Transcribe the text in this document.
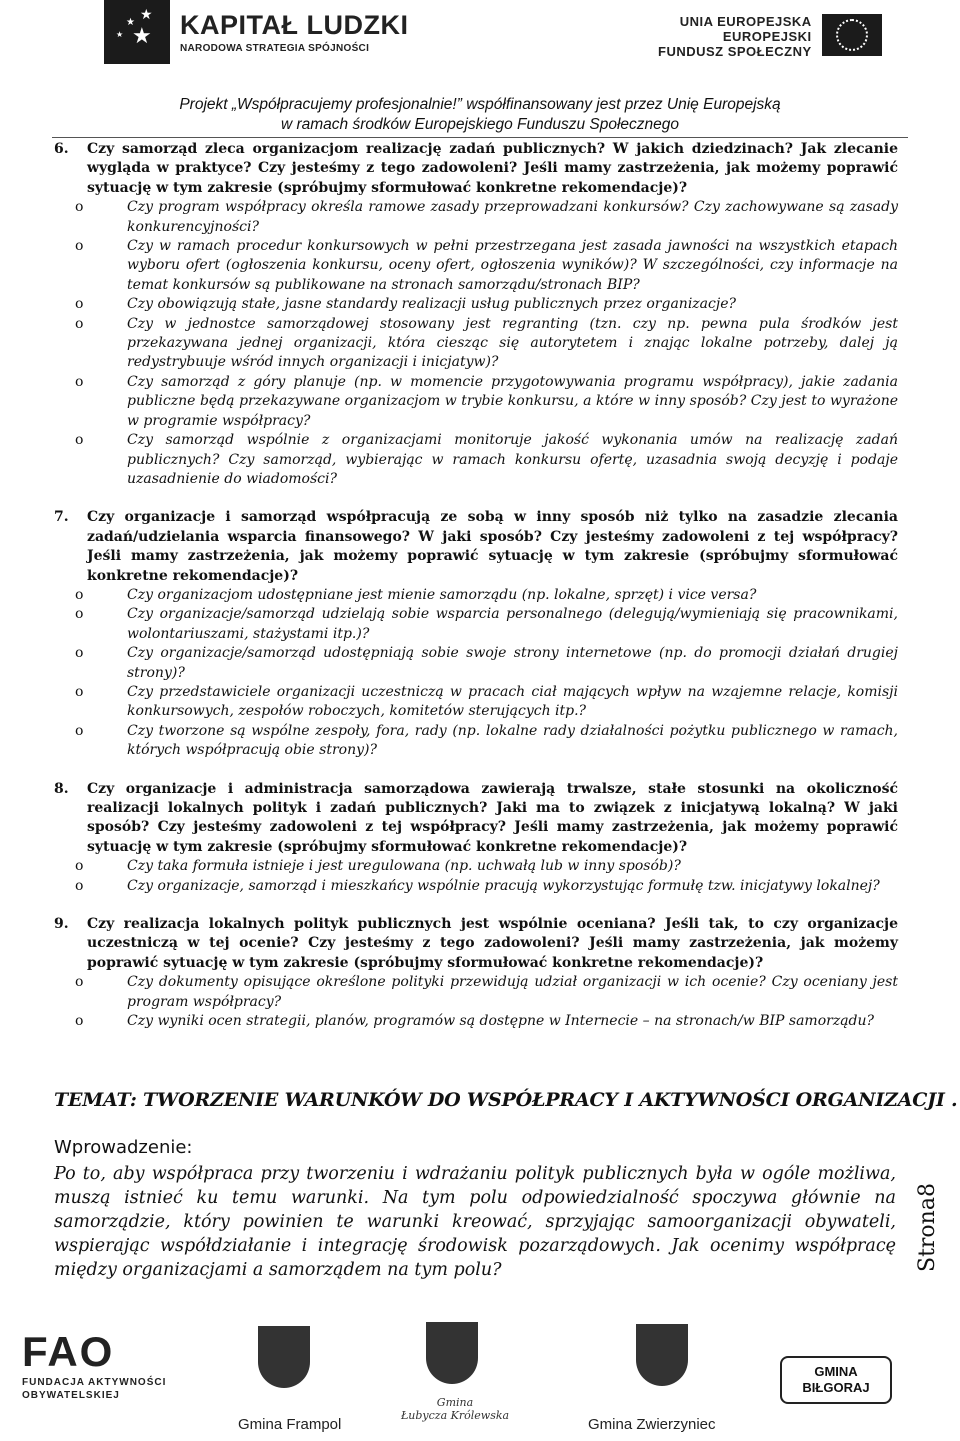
★
★
★ ★ KAPITAŁ LUDZKI
NARODOWA STRATEGIA SPÓJNOŚCI
UNIA EUROPEJSKA
EUROPEJSKI
FUNDUSZ SPOŁECZNY
Projekt „Współpracujemy profesjonalnie!” współfinansowany jest przez Unię Europejską
w ramach środków Europejskiego Funduszu Społecznego
6.	Czy samorząd zleca organizacjom realizację zadań publicznych? W jakich dziedzinach? Jak zlecanie wygląda w praktyce? Czy jesteśmy z tego zadowoleni? Jeśli mamy zastrzeżenia, jak możemy poprawić sytuację w tym zakresie (spróbujmy sformułować konkretne rekomendacje)?
o	Czy program współpracy określa ramowe zasady przeprowadzani konkursów? Czy zachowywane są zasady konkurencyjności?
o	Czy w ramach procedur konkursowych w pełni przestrzegana jest zasada jawności na wszystkich etapach wyboru ofert (ogłoszenia konkursu, oceny ofert, ogłoszenia wyników)? W szczególności, czy informacje na temat konkursów są publikowane na stronach samorządu/stronach BIP?
o	Czy obowiązują stałe, jasne standardy realizacji usług publicznych przez organizacje?
o	Czy w jednostce samorządowej stosowany jest regranting (tzn. czy np. pewna pula środków jest przekazywana jednej organizacji, która ciesząc się autorytetem i znając lokalne potrzeby, dalej ją redystrybuuje wśród innych organizacji i inicjatyw)?
o	Czy samorząd z góry planuje (np. w momencie przygotowywania programu współpracy), jakie zadania publiczne będą przekazywane organizacjom w trybie konkursu, a które w inny sposób? Czy jest to wyrażone w programie współpracy?
o	Czy samorząd wspólnie z organizacjami monitoruje jakość wykonania umów na realizację zadań publicznych? Czy samorząd, wybierając w ramach konkursu ofertę, uzasadnia swoją decyzję i podaje uzasadnienie do wiadomości?
7.	Czy organizacje i samorząd współpracują ze sobą w inny sposób niż tylko na zasadzie zlecania zadań/udzielania wsparcia finansowego? W jaki sposób? Czy jesteśmy zadowoleni z tej współpracy? Jeśli mamy zastrzeżenia, jak możemy poprawić sytuację w tym zakresie (spróbujmy sformułować konkretne rekomendacje)?
o	Czy organizacjom udostępniane jest mienie samorządu (np. lokalne, sprzęt) i vice versa?
o	Czy organizacje/samorząd udzielają sobie wsparcia personalnego (delegują/wymieniają się pracownikami, wolontariuszami, stażystami itp.)?
o	Czy organizacje/samorząd udostępniają sobie swoje strony internetowe (np. do promocji działań drugiej strony)?
o	Czy przedstawiciele organizacji uczestniczą w pracach ciał mających wpływ na wzajemne relacje, komisji konkursowych, zespołów roboczych, komitetów sterujących itp.?
o	Czy tworzone są wspólne zespoły, fora, rady (np. lokalne rady działalności pożytku publicznego w ramach, których współpracują obie strony)?
8.	Czy organizacje i administracja samorządowa zawierają trwalsze, stałe stosunki na okoliczność realizacji lokalnych polityk i zadań publicznych? Jaki ma to związek z inicjatywą lokalną? W jaki sposób? Czy jesteśmy zadowoleni z tej współpracy? Jeśli mamy zastrzeżenia, jak możemy poprawić sytuację w tym zakresie (spróbujmy sformułować konkretne rekomendacje)?
o	Czy taka formuła istnieje i jest uregulowana (np. uchwałą lub w inny sposób)?
o	Czy organizacje, samorząd i mieszkańcy wspólnie pracują wykorzystując formułę tzw. inicjatywy lokalnej?
9.	Czy realizacja lokalnych polityk publicznych jest wspólnie oceniana? Jeśli tak, to czy organizacje uczestniczą w tej ocenie? Czy jesteśmy z tego zadowoleni? Jeśli mamy zastrzeżenia, jak możemy poprawić sytuację w tym zakresie (spróbujmy sformułować konkretne rekomendacje)?
o	Czy dokumenty opisujące określone polityki przewidują udział organizacji w ich ocenie? Czy oceniany jest program współpracy?
o	Czy wyniki ocen strategii, planów, programów są dostępne w Internecie – na stronach/w BIP samorządu?
TEMAT: TWORZENIE WARUNKÓW DO WSPÓŁPRACY I AKTYWNOŚCI ORGANIZACJI .
Wprowadzenie:
Po to, aby współpraca przy tworzeniu i wdrażaniu polityk publicznych była w ogóle możliwa, muszą istnieć ku temu warunki. Na tym polu odpowiedzialność spoczywa głównie na samorządzie, który powinien te warunki kreować, sprzyjając samoorganizacji obywateli, wspierając współdziałanie i integrację środowisk pozarządowych. Jak ocenimy współpracę między organizacjami a samorządem na tym polu?	Strona8
FAO
FUNDACJA AKTYWNOŚCI
OBYWATELSKIEJ
Gmina Frampol
Gmina
Łubycza Królewska
Gmina Zwierzyniec
GMINA BIŁGORAJ
